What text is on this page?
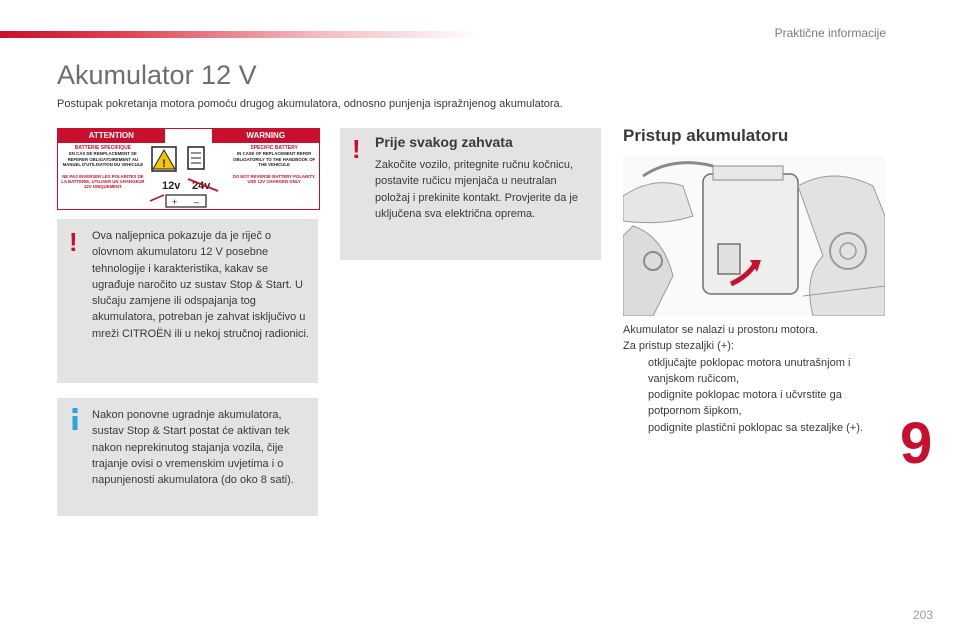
Praktične informacije
Akumulator 12 V
Postupak pokretanja motora pomoću drugog akumulatora, odnosno punjenja ispražnjenog akumulatora.
ATTENTION	WARNING
BATTERIE SPECIFIQUE
EN CAS DE REMPLACEMENT SE REFERER OBLIGATOIREMENT AU MANUEL D'UTILISATION DU VEHICULE
NE PAS INVERSER LES POLARITES DE LA BATTERIE, UTILISER UN CHARGEUR 12V UNIQUEMENT
!
12v 24v
+ –
SPECIFIC BATTERY
IN CASE OF REPLACEMENT REFER OBLIGATORILY TO THE HANDBOOK OF THE VEHICULE
DO NOT REVERSE BATTERY POLARITY, USE 12V CHARGER ONLY
! Ova naljepnica pokazuje da je riječ o olovnom akumulatoru 12 V posebne tehnologije i karakteristika, kakav se ugrađuje naročito uz sustav Stop & Start. U slučaju zamjene ili odspajanja tog akumulatora, potreban je zahvat isključivo u mreži CITROËN ili u nekoj stručnoj radionici.
Nakon ponovne ugradnje akumulatora, sustav Stop & Start postat će aktivan tek nakon neprekinutog stajanja vozila, čije trajanje ovisi o vremenskim uvjetima i o napunjenosti akumulatora (do oko 8 sati).
! Prije svakog zahvata
Zakočite vozilo, pritegnite ručnu kočnicu, postavite ručicu mjenjača u neutralan položaj i prekinite kontakt. Provjerite da je uključena sva električna oprema.
Pristup akumulatoru
Akumulator se nalazi u prostoru motora.
Za pristup stezaljki (+):
otključajte poklopac motora unutrašnjom i vanjskom ručicom,
podignite poklopac motora i učvrstite ga potpornom šipkom,
podignite plastični poklopac sa stezaljke (+). 9
203
